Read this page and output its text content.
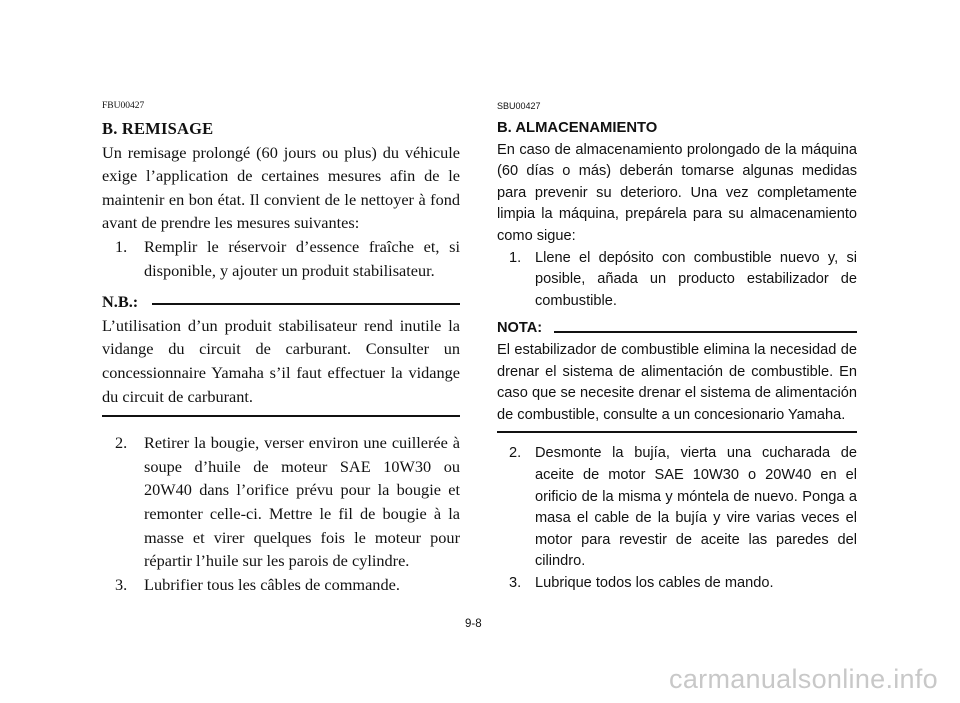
FBU00427
B. REMISAGE

Un remisage prolongé (60 jours ou plus) du véhicule exige l’application de certaines mesures afin de le maintenir en bon état. Il convient de le nettoyer à fond avant de prendre les mesures suivantes:

1.	Remplir le réservoir d’essence fraîche et, si disponible, y ajouter un produit stabilisateur.
N.B.:

L’utilisation d’un produit stabilisateur rend inutile la vidange du circuit de carburant. Consulter un concessionnaire Yamaha s’il faut effectuer la vidange du circuit de carburant.

2.	Retirer la bougie, verser environ une cuillerée à soupe d’huile de moteur SAE 10W30 ou 20W40 dans l’orifice prévu pour la bougie et remonter celle-ci. Mettre le fil de bougie à la masse et virer quelques fois le moteur pour répartir l’huile sur les parois de cylindre.
3.	Lubrifier tous les câbles de commande.
SBU00427
B. ALMACENAMIENTO

En caso de almacenamiento prolongado de la máquina (60 días o más) deberán tomarse algunas medidas para prevenir su deterioro. Una vez completamente limpia la máquina, prepárela para su almacenamiento como sigue:

1. Llene el depósito con combustible nuevo y, si posible, añada un producto estabilizador de combustible.
NOTA:

El estabilizador de combustible elimina la necesidad de drenar el sistema de alimentación de combustible. En caso que se necesite drenar el sistema de alimentación de combustible, consulte a un concesionario Yamaha.

2. Desmonte la bujía, vierta una cucharada de aceite de motor SAE 10W30 o 20W40 en el orificio de la misma y móntela de nuevo. Ponga a masa el cable de la bujía y vire varias veces el motor para revestir de aceite las paredes del cilindro.
3. Lubrique todos los cables de mando.
9-8
carmanualsonline.info
